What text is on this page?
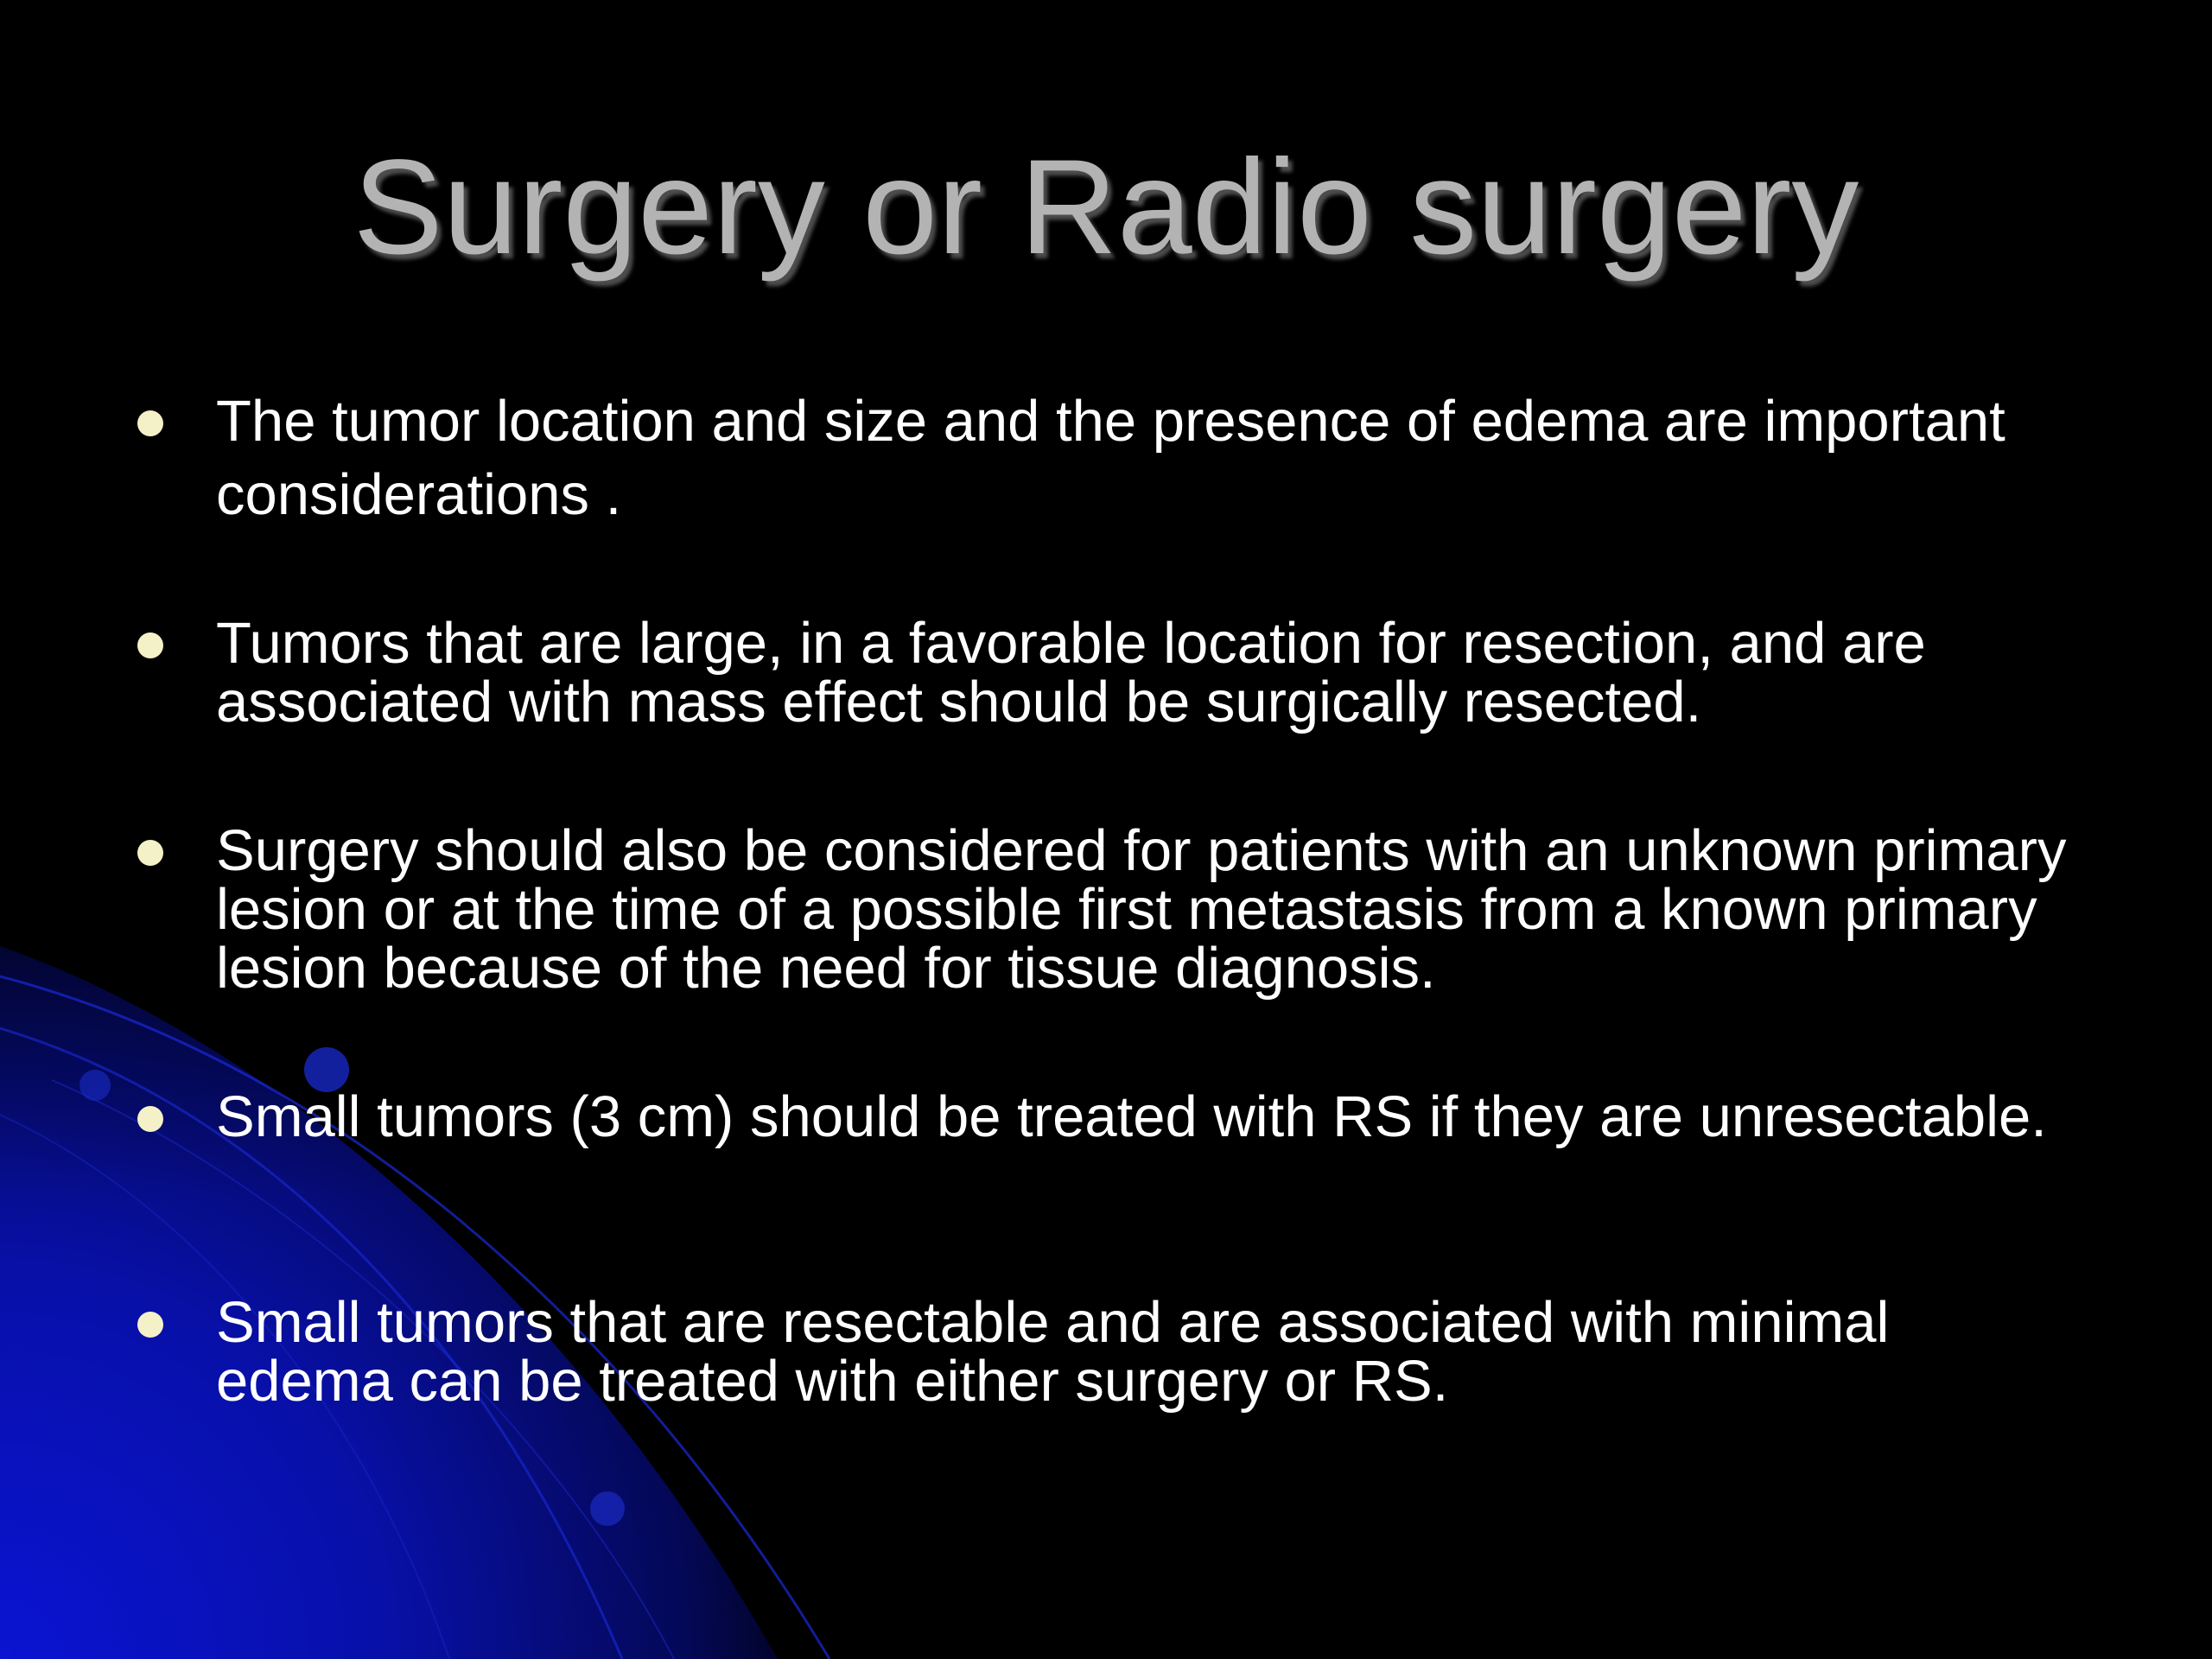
Surgery or Radio surgery
The tumor location and size and the presence of edema are important considerations .
Tumors that are large, in a favorable location for resection, and are associated with mass effect should be surgically resected.
Surgery should also be considered for patients with an unknown primary lesion or at the time of a possible first metastasis from a known primary lesion because of the need for tissue diagnosis.
Small tumors (3 cm) should be treated with RS if they are unresectable.
Small tumors that are resectable and are associated with minimal edema can be treated with either surgery or RS.
